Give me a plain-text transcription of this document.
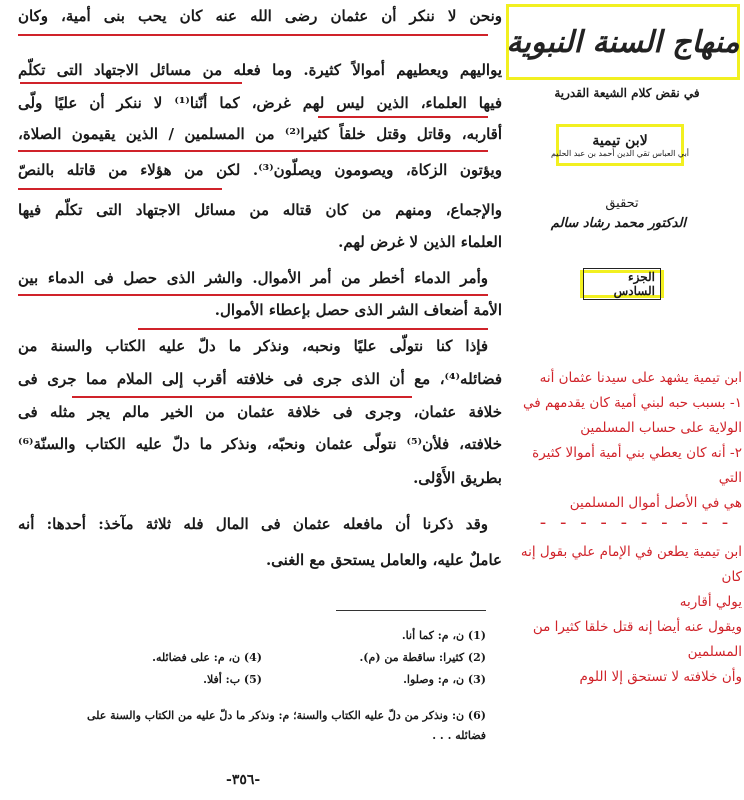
ونحن لا ننكر أن عثمان رضى الله عنه كان يحب بنى أمية، وكان
يواليهم ويعطيهم أموالاً كثيرة. وما فعله من مسائل الاجتهاد التى تكلّم
فيها العلماء، الذين ليس لهم غرض، كما أنّنا⁽¹⁾ لا ننكر أن عليًا ولّى
أقاربه، وقاتل وقتل خلقاً كثيرا⁽²⁾ من المسلمين / الذين يقيمون الصلاة،
ويؤتون الزكاة، ويصومون ويصلّون⁽³⁾. لكن من هؤلاء من قاتله بالنصّ
والإجماع، ومنهم من كان قتاله من مسائل الاجتهاد التى تكلّم فيها
العلماء الذين لا غرض لهم.
وأمر الدماء أخطر من أمر الأموال. والشر الذى حصل فى الدماء بين
الأمة أضعاف الشر الذى حصل بإعطاء الأموال.
فإذا كنا نتولّى عليًا ونحبه، ونذكر ما دلّ عليه الكتاب والسنة من
فضائله⁽⁴⁾، مع أن الذى جرى فى خلافته أقرب إلى الملام مما جرى فى
خلافة عثمان، وجرى فى خلافة عثمان من الخير مالم يجر مثله فى
خلافته، فلأن⁽⁵⁾ نتولّى عثمان ونحبّه، ونذكر ما دلّ عليه الكتاب والسنّة⁽⁶⁾
بطريق الأَوْلى.
وقد ذكرنا أن مافعله عثمان فى المال فله ثلاثة مآخذ: أحدها: أنه
عاملٌ عليه، والعامل يستحق مع الغنى.
(1) ن، م: كما أنا.
(2) كثيرا: ساقطة من (م).
(3) ن، م: وصلوا.
(4) ن، م: على فضائله.
(5) ب: أفلا.
(6) ن: ونذكر من دلّ عليه الكتاب والسنة؛ م: ونذكر ما دلّ عليه من الكتاب والسنة على
فضائله . . .
-٣٥٦-
منهاج السنة النبوية
في نقض كلام الشيعة القدرية
لابن تيمية
أبي العباس تقي الدين أحمد بن عبد الحليم
تحقيق
الدكتور محمد رشاد سالم
الجزء السادس
ابن تيمية يشهد على سيدنا عثمان أنه
١- بسبب حبه لبني أمية كان يقدمهم في
الولاية على حساب المسلمين
٢- أنه كان يعطي بني أمية أموالا كثيرة التي
هي في الأصل أموال المسلمين
- - - - - - - - - -
ابن تيمية يطعن في الإمام علي بقول إنه كان
يولي أقاربه
ويقول عنه أيضا إنه قتل خلقا كثيرا من
المسلمين
وأن خلافته لا تستحق إلا اللوم
